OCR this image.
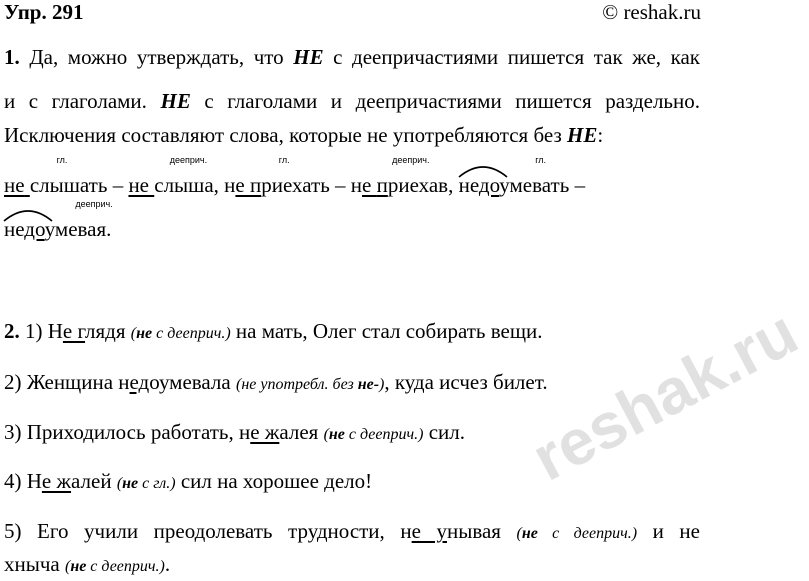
reshak.ru
Упр. 291	© reshak.ru
1. Да, можно утверждать, что НЕ с деепричастиями пишется так же, как
и с глаголами. НЕ с глаголами и деепричастиями пишется раздельно.
Исключения составляют слова, которые не употребляются без НЕ:
гл.
не слышать –
дееприч.
не слыша,
гл.
не приехать –
дееприч.
не приехав,
гл.
недоумевать –
дееприч.
недоумевая.
2. 1) Не глядя (не с дееприч.) на мать, Олег стал собирать вещи.
2) Женщина недоумевала (не употребл. без не-), куда исчез билет.
3) Приходилось работать, не жалея (не с дееприч.) сил.
4) Не жалей (не с гл.) сил на хорошее дело!
5) Его учили преодолевать трудности, не унывая (не с дееприч.) и не
хныча (не с дееприч.).
